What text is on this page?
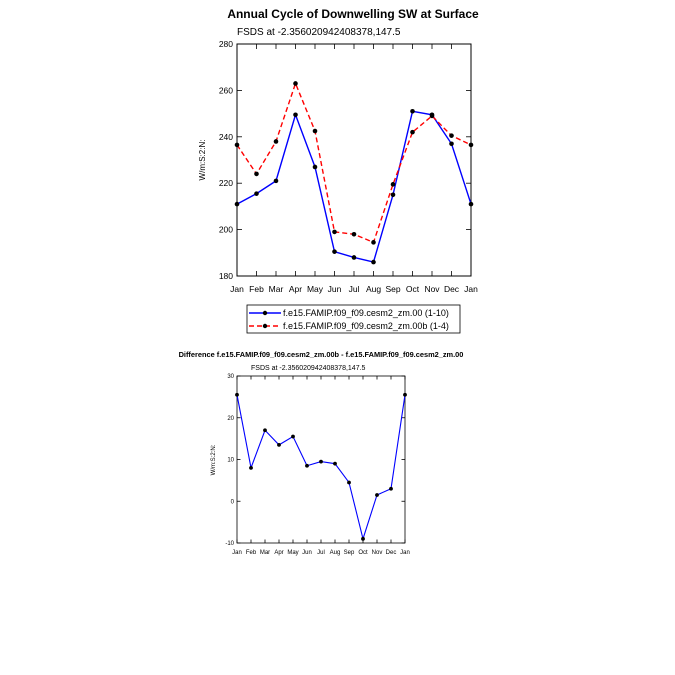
Annual Cycle of Downwelling SW at Surface
FSDS at -2.356020942408378,147.5
W/m:S:2:N:
180
200
220
240
260
280
Jan Feb Mar Apr May Jun Jul Aug Sep Oct Nov Dec Jan
f.e15.FAMIP.f09_f09.cesm2_zm.00 (1-10)
f.e15.FAMIP.f09_f09.cesm2_zm.00b (1-4)
Difference f.e15.FAMIP.f09_f09.cesm2_zm.00b - f.e15.FAMIP.f09_f09.cesm2_zm.00
FSDS at -2.356020942408378,147.5
W/m:S:2:N:
-10
0
10
20
30
Jan Feb Mar Apr May Jun Jul Aug Sep Oct Nov Dec Jan
